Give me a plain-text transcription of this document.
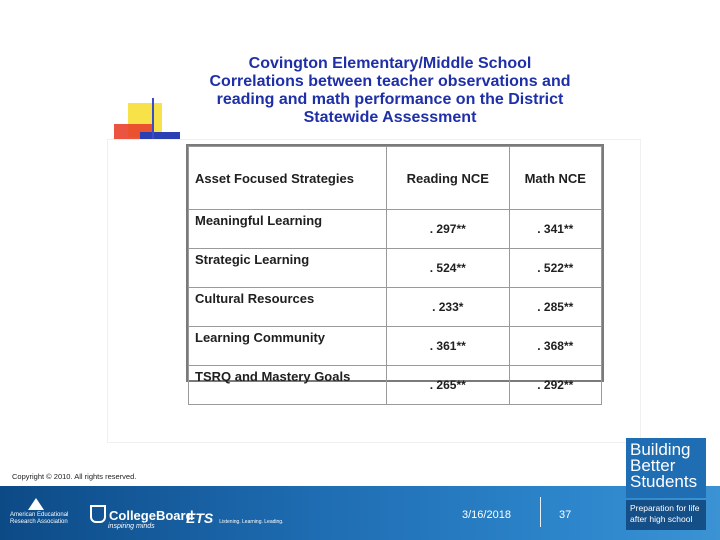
Covington Elementary/Middle School
Correlations between teacher observations and
reading and math performance on the District
Statewide Assessment
Asset Focused Strategies	Reading NCE	Math NCE
Meaningful Learning	. 297**	. 341**
Strategic Learning	. 524**	. 522**
Cultural Resources	. 233*	. 285**
Learning Community	. 361**	. 368**
TSRQ and Mastery Goals	. 265**	. 292**
Copyright © 2010. All rights reserved.
American Educational Research Association	CollegeBoard
inspiring minds
ETS Listening. Learning. Leading.
3/16/2018	37
Building
Better
Students
Preparation for life
after high school
